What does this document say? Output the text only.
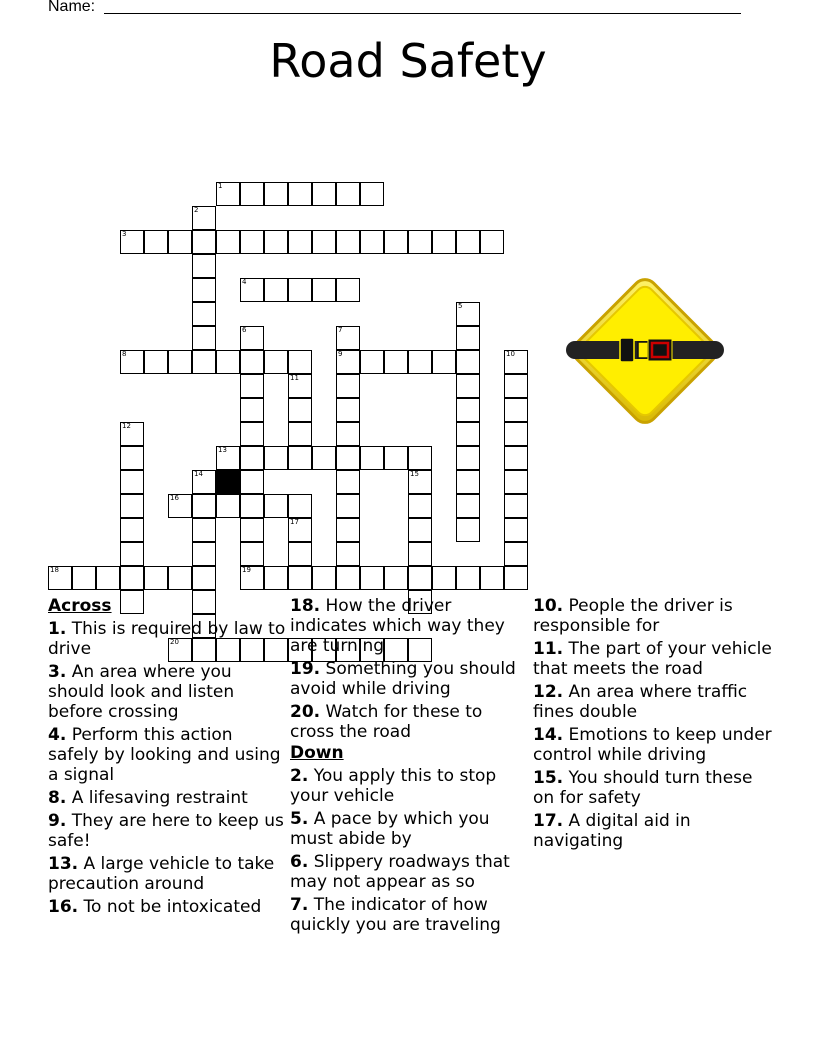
Name:
Road Safety
1
2
3
4
5
6
19
7
9
8	10
11
12
13
14	15
16
17
18
20
Across
1. This is required by law to drive
3. An area where you should look and listen before crossing
4. Perform this action safely by looking and using a signal
8. A lifesaving restraint
9. They are here to keep us safe!
13. A large vehicle to take precaution around
16. To not be intoxicated
18. How the driver indicates which way they are turning
19. Something you should avoid while driving
20. Watch for these to cross the road
Down
2. You apply this to stop your vehicle
5. A pace by which you must abide by
6. Slippery roadways that may not appear as so
7. The indicator of how quickly you are traveling
10. People the driver is responsible for
11. The part of your vehicle that meets the road
12. An area where traffic fines double
14. Emotions to keep under control while driving
15. You should turn these on for safety
17. A digital aid in navigating
